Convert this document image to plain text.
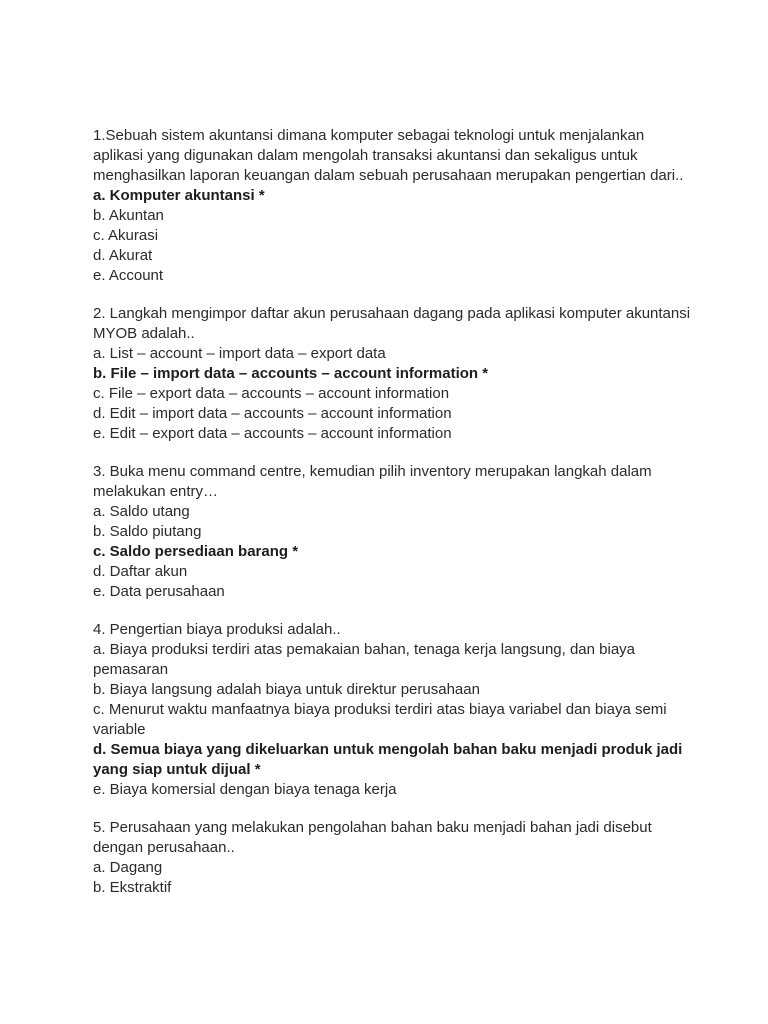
1.Sebuah sistem akuntansi dimana komputer sebagai teknologi untuk menjalankan aplikasi yang digunakan dalam mengolah transaksi akuntansi dan sekaligus untuk menghasilkan laporan keuangan dalam sebuah perusahaan merupakan pengertian dari..

a. Komputer akuntansi *

b. Akuntan

c. Akurasi

d. Akurat

e. Account

2. Langkah mengimpor daftar akun perusahaan dagang pada aplikasi komputer akuntansi MYOB adalah..

a. List – account – import data – export data

b. File – import data – accounts – account information *

c. File – export data – accounts – account information

d. Edit – import data – accounts – account information

e. Edit – export data – accounts – account information

3. Buka menu command centre, kemudian pilih inventory merupakan langkah dalam melakukan entry…

a. Saldo utang

b. Saldo piutang

c. Saldo persediaan barang *

d. Daftar akun

e. Data perusahaan

4. Pengertian biaya produksi adalah..

a. Biaya produksi terdiri atas pemakaian bahan, tenaga kerja langsung, dan biaya pemasaran

b. Biaya langsung adalah biaya untuk direktur perusahaan

c. Menurut waktu manfaatnya biaya produksi terdiri atas biaya variabel dan biaya semi variable

d. Semua biaya yang dikeluarkan untuk mengolah bahan baku menjadi produk jadi yang siap untuk dijual *

e. Biaya komersial dengan biaya tenaga kerja

5. Perusahaan yang melakukan pengolahan bahan baku menjadi bahan jadi disebut dengan perusahaan..

a. Dagang

b. Ekstraktif
